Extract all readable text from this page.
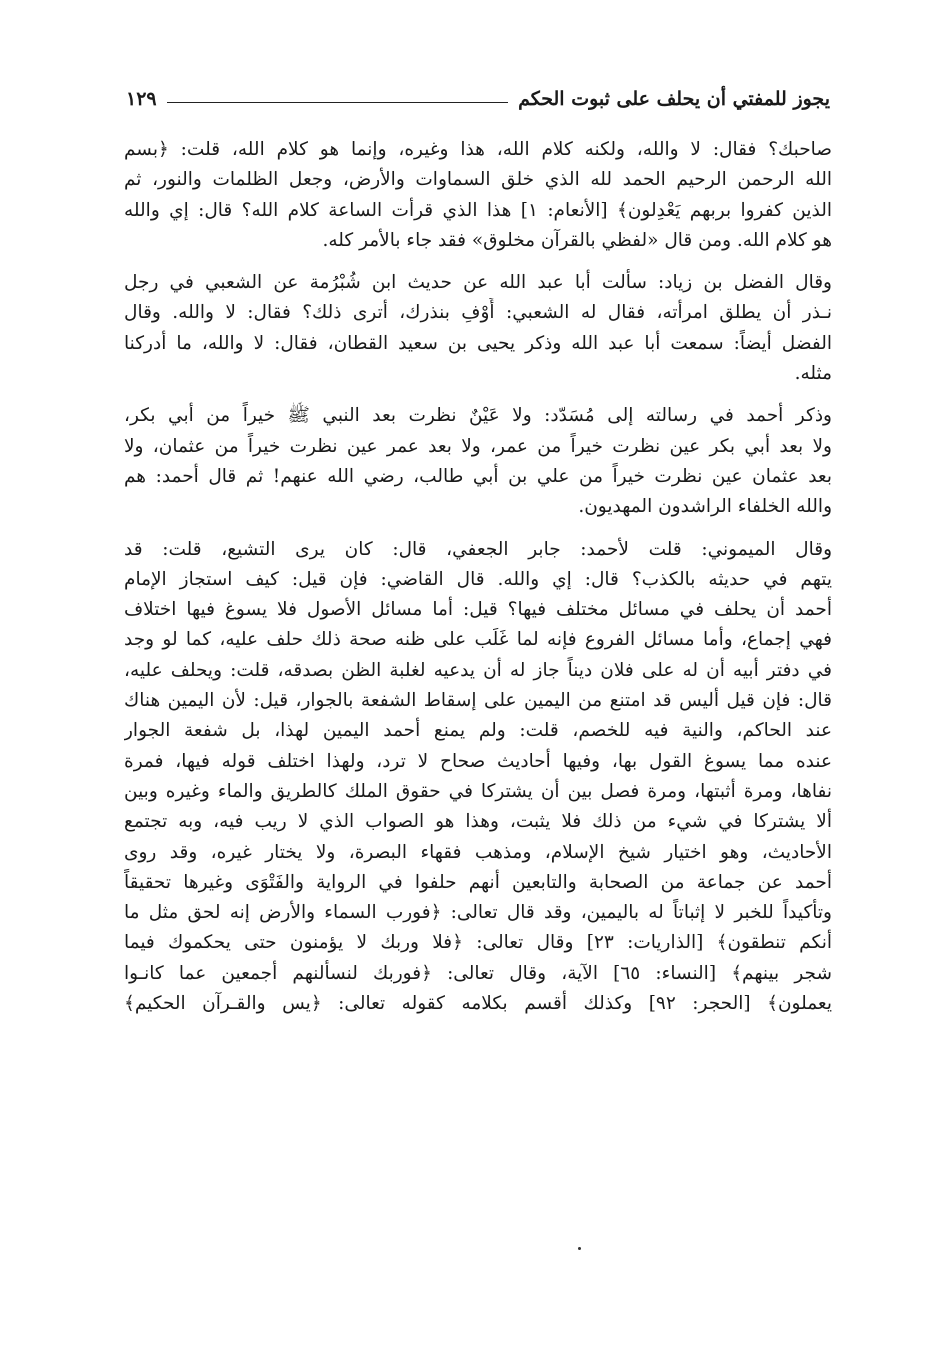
يجوز للمفتي أن يحلف على ثبوت الحكم
١٢٩
صاحبك؟ فقال: لا والله، ولكنه كلام الله، هذا وغيره، وإنما هو كلام الله، قلت: ﴿بسم
الله الرحمن الرحيم الحمد لله الذي خلق السماوات والأرض، وجعل الظلمات والنور، ثم
الذين كفروا بربهم يَعْدِلون﴾ [الأنعام: ١] هذا الذي قرأت الساعة كلام الله؟ قال: إي والله
هو كلام الله. ومن قال «لفظي بالقرآن مخلوق» فقد جاء بالأمر كله.
وقال الفضل بن زياد: سألت أبا عبد الله عن حديث ابن شُبْرُمة عن الشعبي في رجل
نـذر أن يطلق امرأته، فقال له الشعبي: أَوْفِ بنذرك، أترى ذلك؟ فقال: لا والله. وقال
الفضل أيضاً: سمعت أبا عبد الله وذكر يحيى بن سعيد القطان، فقال: لا والله، ما أدركنا
مثله.
وذكر أحمد في رسالته إلى مُسَدّد: ولا عَيْنٌ نظرت بعد النبي ﷺ خيراً من أبي بكر،
ولا بعد أبي بكر عين نظرت خيراً من عمر، ولا بعد عمر عين نظرت خيراً من عثمان، ولا
بعد عثمان عين نظرت خيراً من علي بن أبي طالب، رضي الله عنهم! ثم قال أحمد: هم
والله الخلفاء الراشدون المهديون.
وقال الميموني: قلت لأحمد: جابر الجعفي، قال: كان يرى التشيع، قلت: قد
يتهم في حديثه بالكذب؟ قال: إي والله. قال القاضي: فإن قيل: كيف استجاز الإمام
أحمد أن يحلف في مسائل مختلف فيها؟ قيل: أما مسائل الأصول فلا يسوغ فيها اختلاف
فهي إجماع، وأما مسائل الفروع فإنه لما غَلَب على ظنه صحة ذلك حلف عليه، كما لو وجد
في دفتر أبيه أن له على فلان ديناً جاز له أن يدعيه لغلبة الظن بصدقه، قلت: ويحلف عليه،
قال: فإن قيل أليس قد امتنع من اليمين على إسقاط الشفعة بالجوار، قيل: لأن اليمين هناك
عند الحاكم، والنية فيه للخصم، قلت: ولم يمنع أحمد اليمين لهذا، بل شفعة الجوار
عنده مما يسوغ القول بها، وفيها أحاديث صحاح لا ترد، ولهذا اختلف قوله فيها، فمرة
نفاها، ومرة أثبتها، ومرة فصل بين أن يشتركا في حقوق الملك كالطريق والماء وغيره وبين
ألا يشتركا في شيء من ذلك فلا يثبت، وهذا هو الصواب الذي لا ريب فيه، وبه تجتمع
الأحاديث، وهو اختيار شيخ الإسلام، ومذهب فقهاء البصرة، ولا يختار غيره، وقد روى
أحمد عن جماعة من الصحابة والتابعين أنهم حلفوا في الرواية والفَتْوَى وغيرها تحقيقاً
وتأكيداً للخبر لا إثباتاً له باليمين، وقد قال تعالى: ﴿فورب السماء والأرض إنه لحق مثل ما
أنكم تنطقون﴾ [الذاريات: ٢٣] وقال تعالى: ﴿فلا وربك لا يؤمنون حتى يحكموك فيما
شجر بينهم﴾ [النساء: ٦٥] الآية، وقال تعالى: ﴿فوربك لنسألنهم أجمعين عما كانـوا
يعملون﴾ [الحجر: ٩٢] وكذلك أقسم بكلامه كقوله تعالى: ﴿يس والقـرآن الحكيم﴾
